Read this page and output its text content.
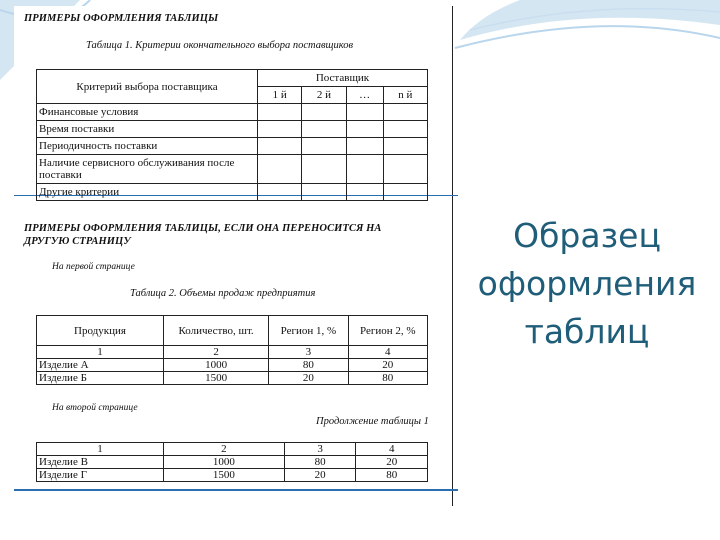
ПРИМЕРЫ ОФОРМЛЕНИЯ ТАБЛИЦЫ
Таблица 1. Критерии окончательного выбора поставщиков
Критерий выбора поставщика	Поставщик			
	1 й	2 й	…	n й
Финансовые условия				
Время поставки				
Периодичность поставки				
Наличие сервисного обслуживания после поставки				
Другие критерии				
ПРИМЕРЫ ОФОРМЛЕНИЯ ТАБЛИЦЫ, ЕСЛИ ОНА ПЕРЕНОСИТСЯ НА ДРУГУЮ СТРАНИЦУ
На первой странице
Таблица 2. Объемы продаж предприятия
Продукция	Количество, шт.	Регион 1, %	Регион 2, %
1	2	3	4
Изделие А	1000	80	20
Изделие Б	1500	20	80
На второй странице
Продолжение таблицы 1
1	2	3	4
Изделие В	1000	80	20
Изделие Г	1500	20	80
Образец
оформления
таблиц
